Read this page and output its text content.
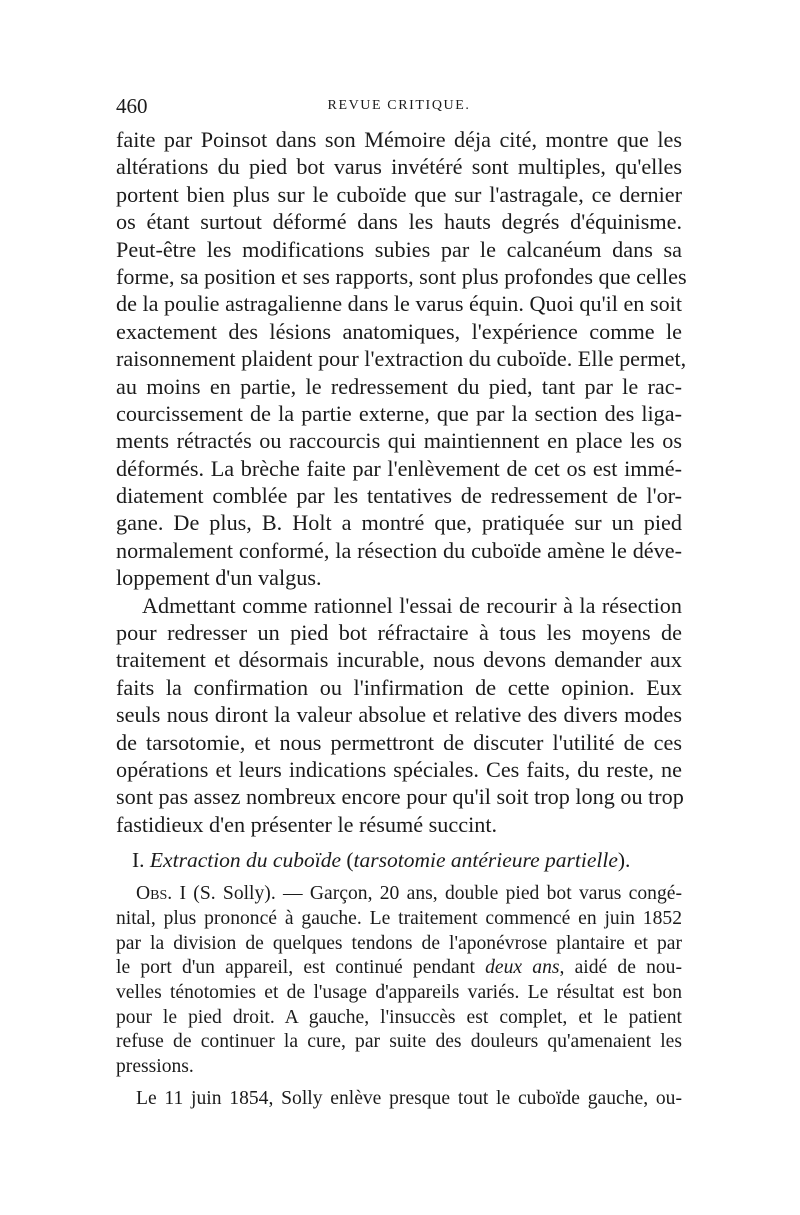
460	REVUE CRITIQUE.
faite par Poinsot dans son Mémoire déja cité, montre que les
altérations du pied bot varus invétéré sont multiples, qu'elles
portent bien plus sur le cuboïde que sur l'astragale, ce dernier
os étant surtout déformé dans les hauts degrés d'équinisme.
Peut-être les modifications subies par le calcanéum dans sa
forme, sa position et ses rapports, sont plus profondes que celles
de la poulie astragalienne dans le varus équin. Quoi qu'il en soit
exactement des lésions anatomiques, l'expérience comme le
raisonnement plaident pour l'extraction du cuboïde. Elle permet,
au moins en partie, le redressement du pied, tant par le rac-
courcissement de la partie externe, que par la section des liga-
ments rétractés ou raccourcis qui maintiennent en place les os
déformés. La brèche faite par l'enlèvement de cet os est immé-
diatement comblée par les tentatives de redressement de l'or-
gane. De plus, B. Holt a montré que, pratiquée sur un pied
normalement conformé, la résection du cuboïde amène le déve-
loppement d'un valgus.
Admettant comme rationnel l'essai de recourir à la résection
pour redresser un pied bot réfractaire à tous les moyens de
traitement et désormais incurable, nous devons demander aux
faits la confirmation ou l'infirmation de cette opinion. Eux
seuls nous diront la valeur absolue et relative des divers modes
de tarsotomie, et nous permettront de discuter l'utilité de ces
opérations et leurs indications spéciales. Ces faits, du reste, ne
sont pas assez nombreux encore pour qu'il soit trop long ou trop
fastidieux d'en présenter le résumé succint.
I. Extraction du cuboïde (tarsotomie antérieure partielle).
Obs. I (S. Solly). — Garçon, 20 ans, double pied bot varus congé-
nital, plus prononcé à gauche. Le traitement commencé en juin 1852
par la division de quelques tendons de l'aponévrose plantaire et par
le port d'un appareil, est continué pendant deux ans, aidé de nou-
velles ténotomies et de l'usage d'appareils variés. Le résultat est bon
pour le pied droit. A gauche, l'insuccès est complet, et le patient
refuse de continuer la cure, par suite des douleurs qu'amenaient les
pressions.
Le 11 juin 1854, Solly enlève presque tout le cuboïde gauche, ou-
